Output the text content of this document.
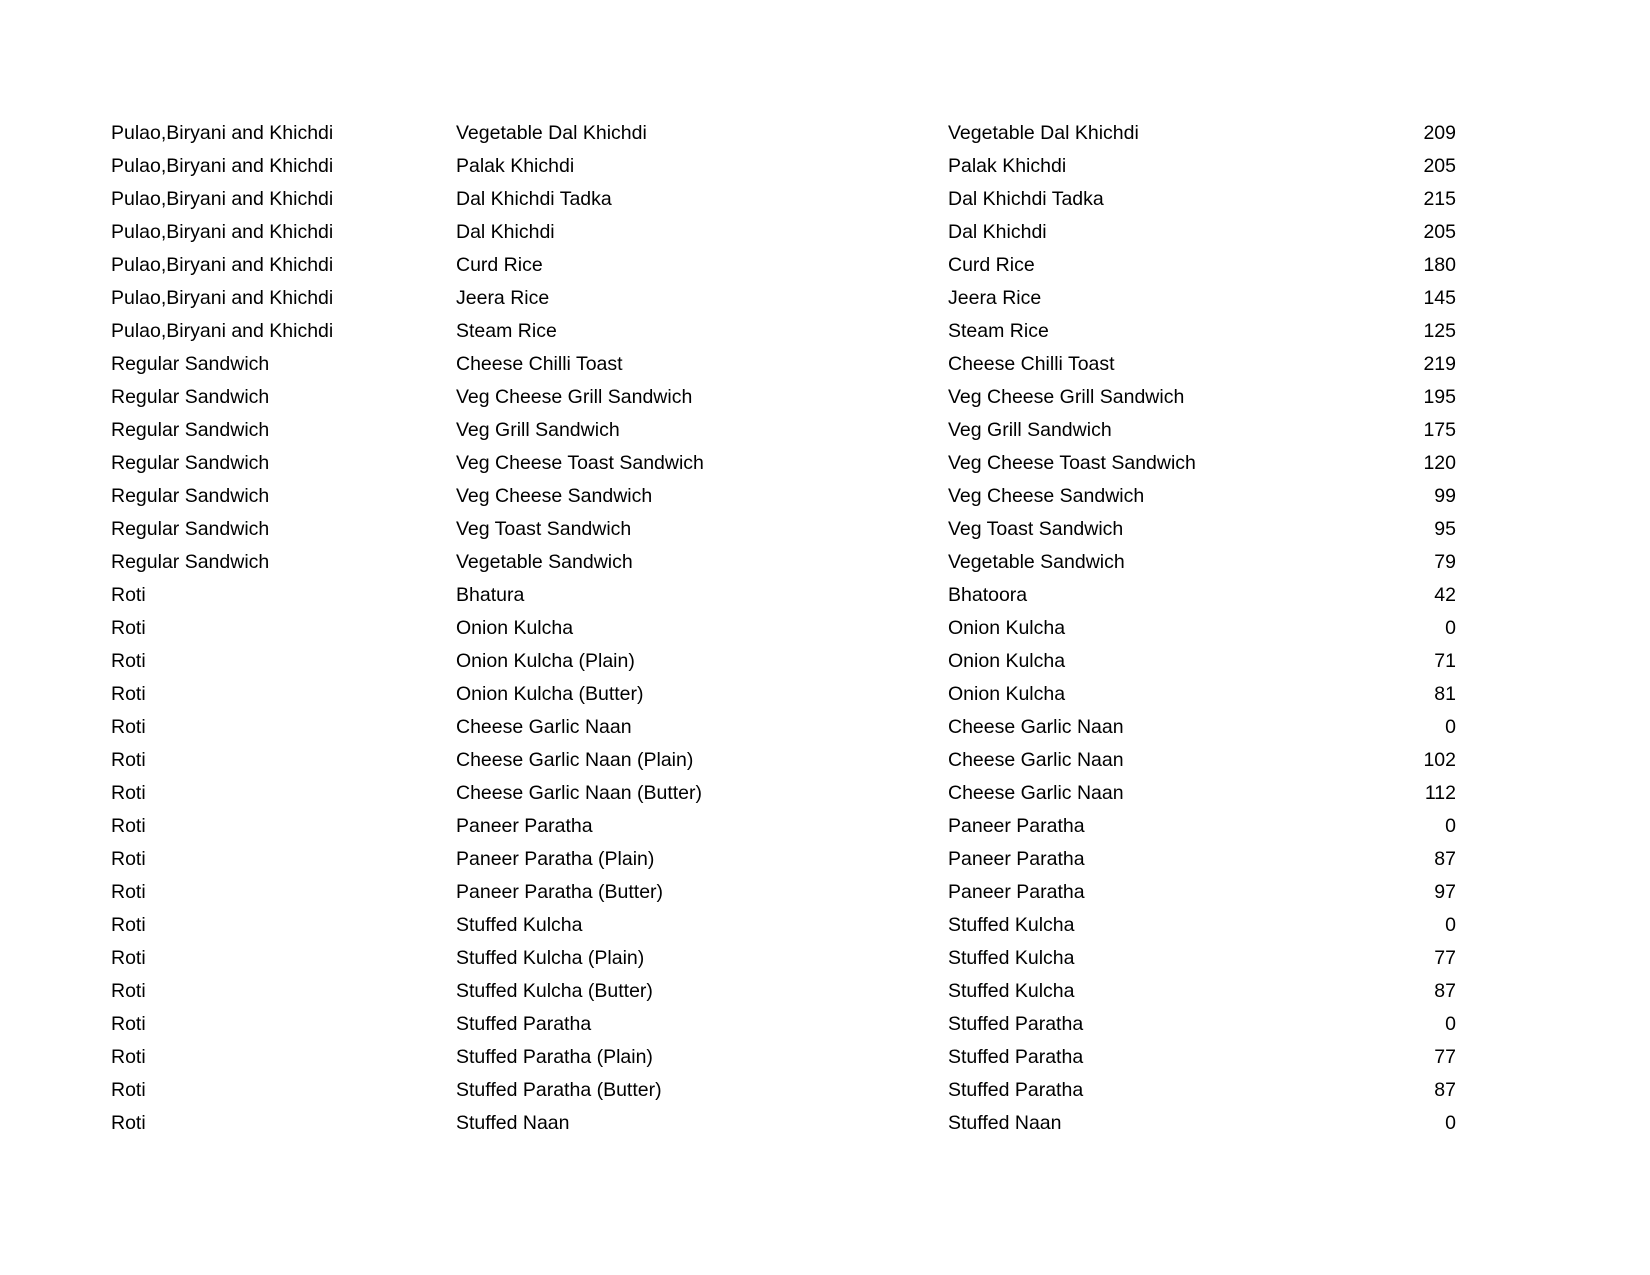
Pulao,Biryani and Khichdi	Vegetable Dal Khichdi	Vegetable Dal Khichdi	209
Pulao,Biryani and Khichdi	Palak Khichdi	Palak Khichdi	205
Pulao,Biryani and Khichdi	Dal Khichdi Tadka	Dal Khichdi Tadka	215
Pulao,Biryani and Khichdi	Dal Khichdi	Dal Khichdi	205
Pulao,Biryani and Khichdi	Curd Rice	Curd Rice	180
Pulao,Biryani and Khichdi	Jeera Rice	Jeera Rice	145
Pulao,Biryani and Khichdi	Steam Rice	Steam Rice	125
Regular Sandwich	Cheese Chilli Toast	Cheese Chilli Toast	219
Regular Sandwich	Veg Cheese Grill Sandwich	Veg Cheese Grill Sandwich	195
Regular Sandwich	Veg Grill Sandwich	Veg Grill Sandwich	175
Regular Sandwich	Veg Cheese Toast Sandwich	Veg Cheese Toast Sandwich	120
Regular Sandwich	Veg Cheese Sandwich	Veg Cheese Sandwich	99
Regular Sandwich	Veg Toast Sandwich	Veg Toast Sandwich	95
Regular Sandwich	Vegetable Sandwich	Vegetable Sandwich	79
Roti	Bhatura	Bhatoora	42
Roti	Onion Kulcha	Onion Kulcha	0
Roti	Onion Kulcha (Plain)	Onion Kulcha	71
Roti	Onion Kulcha (Butter)	Onion Kulcha	81
Roti	Cheese Garlic Naan	Cheese Garlic Naan	0
Roti	Cheese Garlic Naan (Plain)	Cheese Garlic Naan	102
Roti	Cheese Garlic Naan (Butter)	Cheese Garlic Naan	112
Roti	Paneer Paratha	Paneer Paratha	0
Roti	Paneer Paratha (Plain)	Paneer Paratha	87
Roti	Paneer Paratha (Butter)	Paneer Paratha	97
Roti	Stuffed Kulcha	Stuffed Kulcha	0
Roti	Stuffed Kulcha (Plain)	Stuffed Kulcha	77
Roti	Stuffed Kulcha (Butter)	Stuffed Kulcha	87
Roti	Stuffed Paratha	Stuffed Paratha	0
Roti	Stuffed Paratha (Plain)	Stuffed Paratha	77
Roti	Stuffed Paratha (Butter)	Stuffed Paratha	87
Roti	Stuffed Naan	Stuffed Naan	0
